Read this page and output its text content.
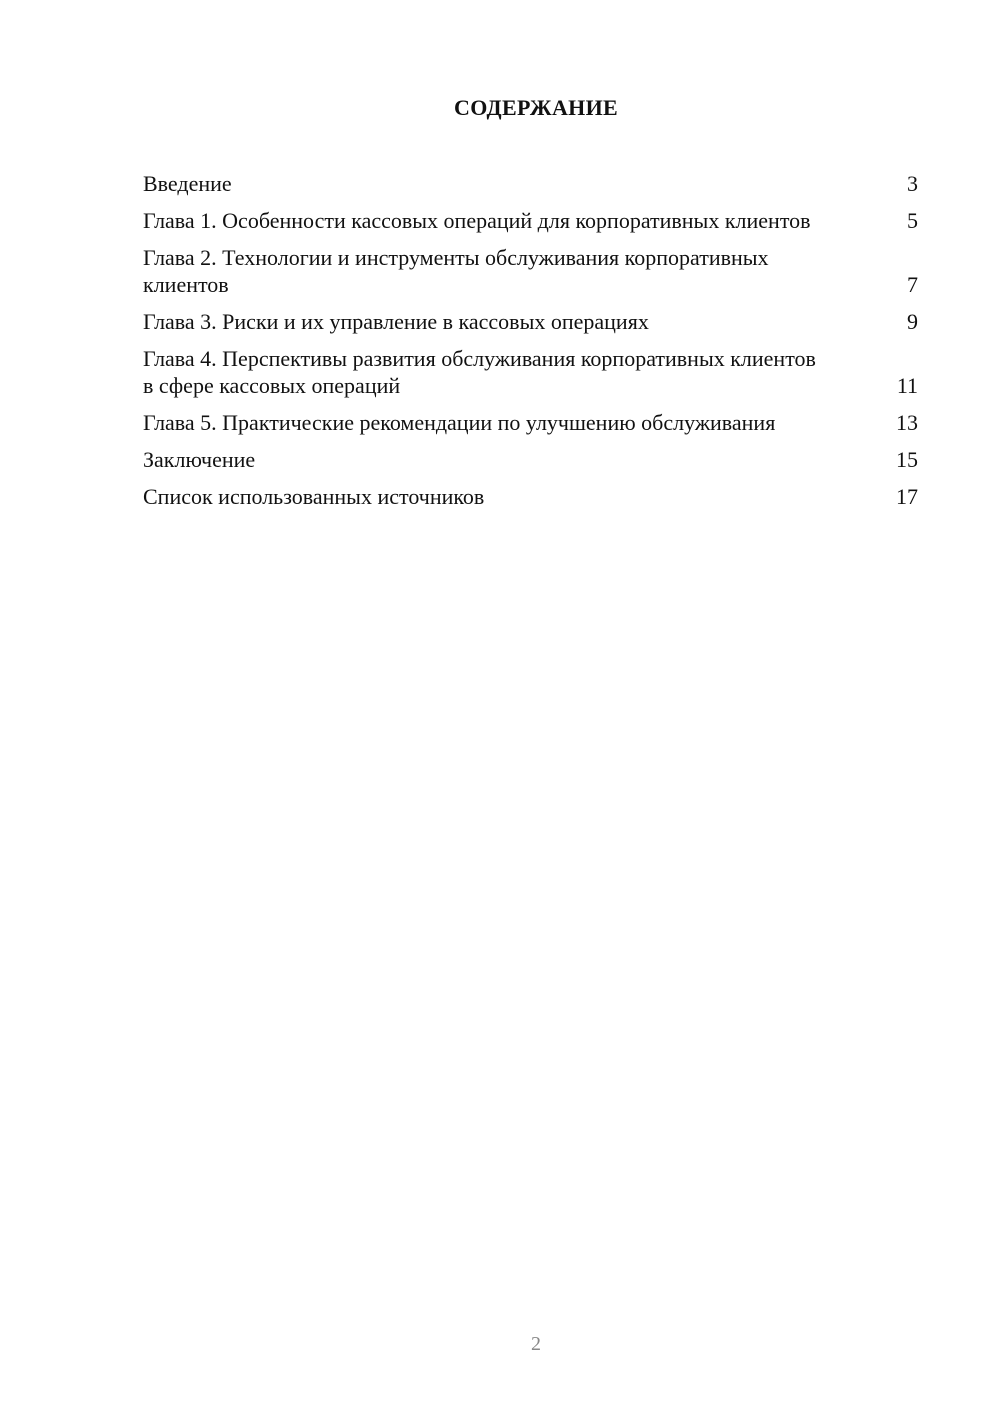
СОДЕРЖАНИЕ
Введение	3
Глава 1. Особенности кассовых операций для корпоративных клиентов	5
Глава 2. Технологии и инструменты обслуживания корпоративных клиентов	7
Глава 3. Риски и их управление в кассовых операциях	9
Глава 4. Перспективы развития обслуживания корпоративных клиентов в сфере кассовых операций	11
Глава 5. Практические рекомендации по улучшению обслуживания	13
Заключение	15
Список использованных источников	17
2
